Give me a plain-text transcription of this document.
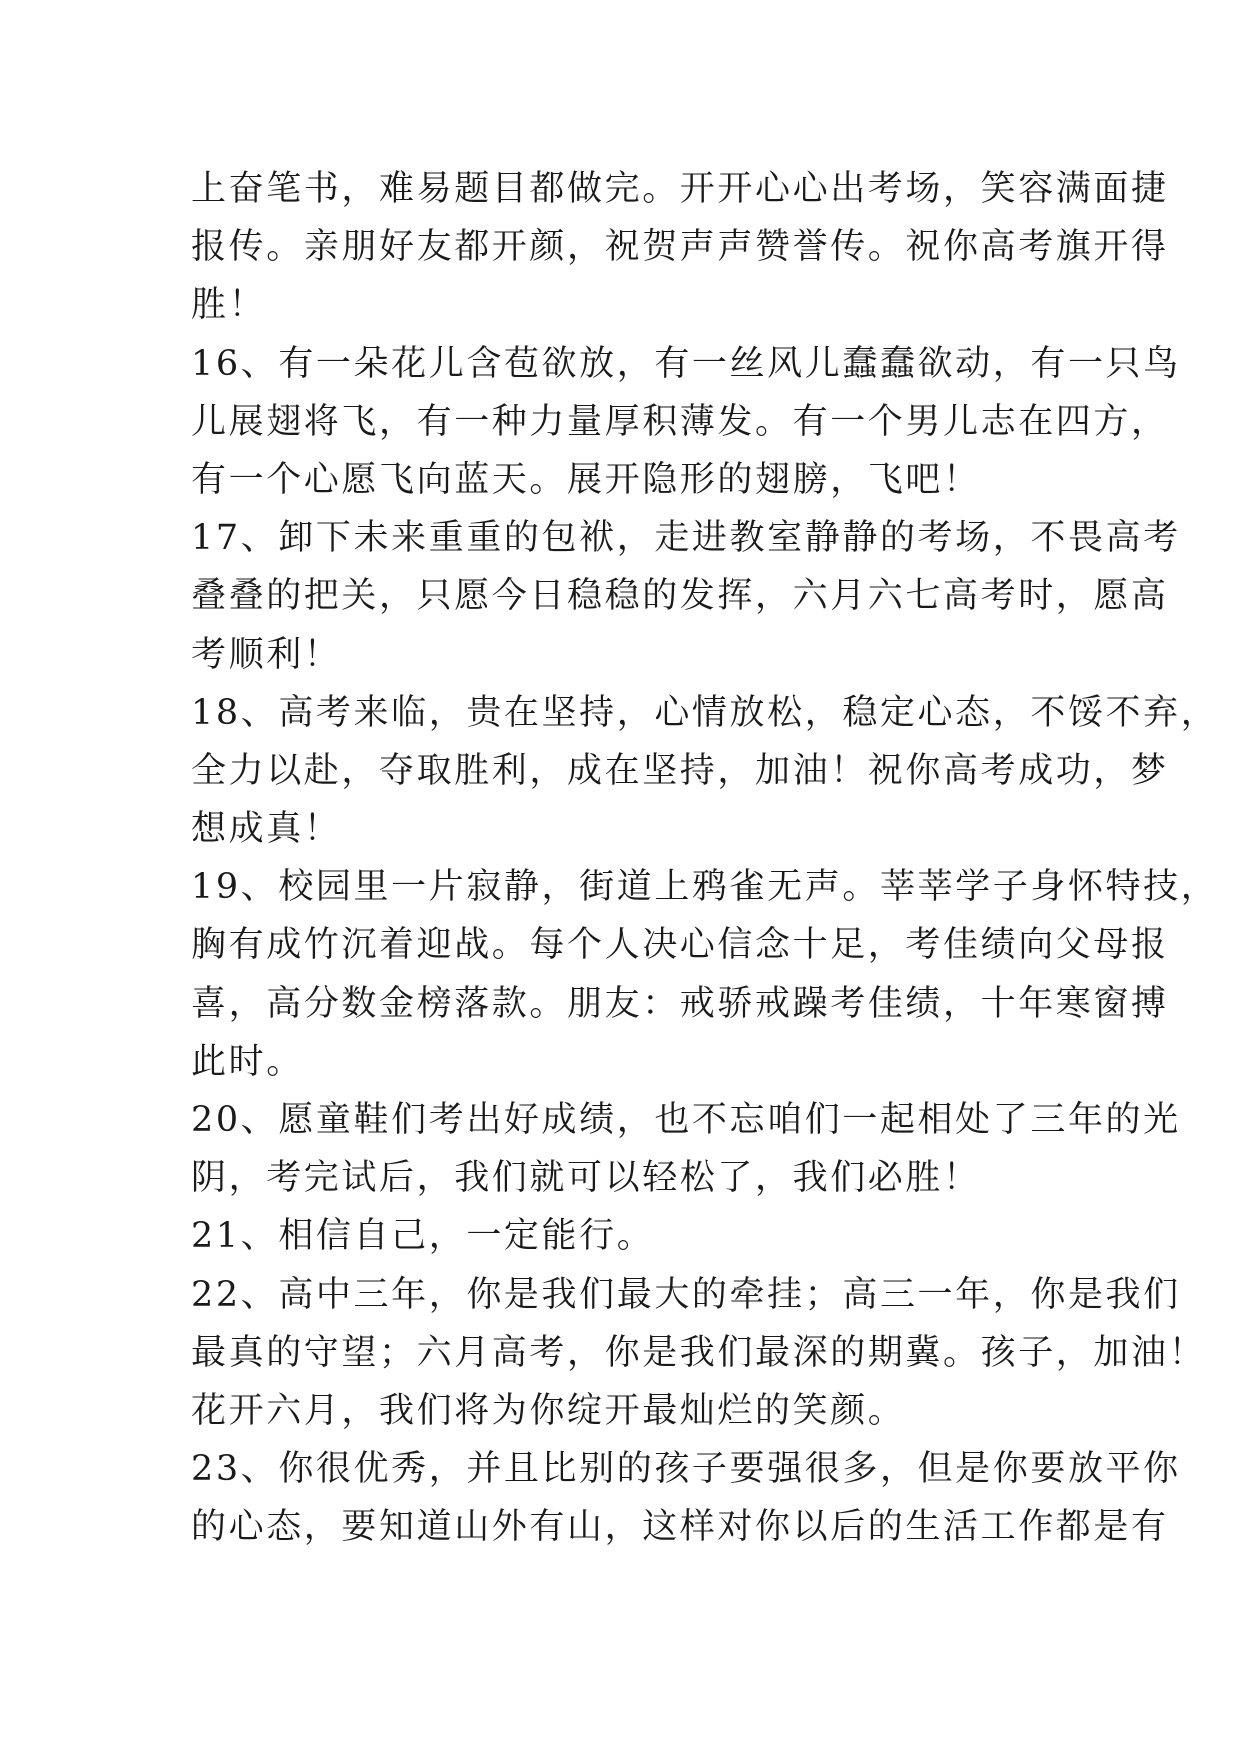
上奋笔书，难易题目都做完。开开心心出考场，笑容满面捷
报传。亲朋好友都开颜，祝贺声声赞誉传。祝你高考旗开得
胜！
16、有一朵花儿含苞欲放，有一丝风儿蠢蠢欲动，有一只鸟
儿展翅将飞，有一种力量厚积薄发。有一个男儿志在四方，
有一个心愿飞向蓝天。展开隐形的翅膀，飞吧！
17、卸下未来重重的包袱，走进教室静静的考场，不畏高考
叠叠的把关，只愿今日稳稳的发挥，六月六七高考时，愿高
考顺利！
18、高考来临，贵在坚持，心情放松，稳定心态，不馁不弃，
全力以赴，夺取胜利，成在坚持，加油！祝你高考成功，梦
想成真！
19、校园里一片寂静，街道上鸦雀无声。莘莘学子身怀特技，
胸有成竹沉着迎战。每个人决心信念十足，考佳绩向父母报
喜，高分数金榜落款。朋友：戒骄戒躁考佳绩，十年寒窗搏
此时。
20、愿童鞋们考出好成绩，也不忘咱们一起相处了三年的光
阴，考完试后，我们就可以轻松了，我们必胜！
21、相信自己，一定能行。
22、高中三年，你是我们最大的牵挂；高三一年，你是我们
最真的守望；六月高考，你是我们最深的期冀。孩子，加油！
花开六月，我们将为你绽开最灿烂的笑颜。
23、你很优秀，并且比别的孩子要强很多，但是你要放平你
的心态，要知道山外有山，这样对你以后的生活工作都是有
